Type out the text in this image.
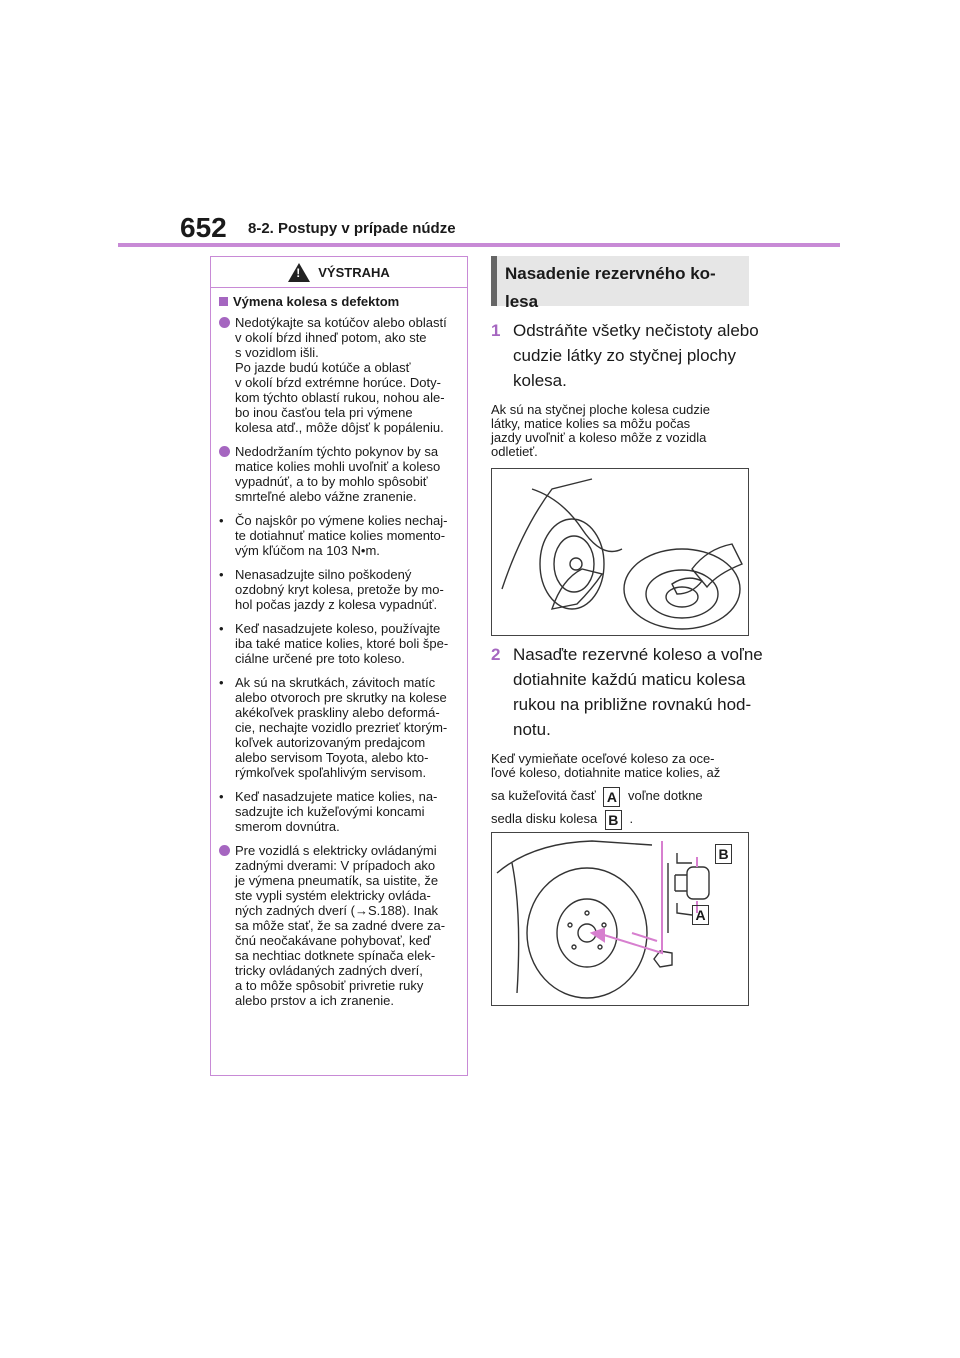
652 8-2. Postupy v prípade núdze
!
VÝSTRAHA
Výmena kolesa s defektom
Nedotýkajte sa kotúčov alebo oblastí
v okolí bŕzd ihneď potom, ako ste
s vozidlom išli.
Po jazde budú kotúče a oblasť
v okolí bŕzd extrémne horúce. Doty-
kom týchto oblastí rukou, nohou ale-
bo inou časťou tela pri výmene
kolesa atď., môže dôjsť k popáleniu.
Nedodržaním týchto pokynov by sa
matice kolies mohli uvoľniť a koleso
vypadnúť, a to by mohlo spôsobiť
smrteľné alebo vážne zranenie.
• Čo najskôr po výmene kolies nechaj-
te dotiahnuť matice kolies momento-
vým kľúčom na 103 N•m.
• Nenasadzujte silno poškodený
ozdobný kryt kolesa, pretože by mo-
hol počas jazdy z kolesa vypadnúť.
• Keď nasadzujete koleso, používajte
iba také matice kolies, ktoré boli špe-
ciálne určené pre toto koleso.
• Ak sú na skrutkách, závitoch matíc
alebo otvoroch pre skrutky na kolese
akékoľvek praskliny alebo deformá-
cie, nechajte vozidlo prezrieť ktorým-
koľvek autorizovaným predajcom
alebo servisom Toyota, alebo kto-
rýmkoľvek spoľahlivým servisom.
• Keď nasadzujete matice kolies, na-
sadzujte ich kužeľovými koncami
smerom dovnútra.
Pre vozidlá s elektricky ovládanými
zadnými dverami: V prípadoch ako
je výmena pneumatík, sa uistite, že
ste vypli systém elektricky ovláda-
ných zadných dverí (→S.188). Inak
sa môže stať, že sa zadné dvere za-
čnú neočakávane pohybovať, keď
sa nechtiac dotknete spínača elek-
tricky ovládaných zadných dverí,
a to môže spôsobiť privretie ruky
alebo prstov a ich zranenie.
Nasadenie rezervného ko-
lesa
1 Odstráňte všetky nečistoty alebo
cudzie látky zo styčnej plochy
kolesa.
Ak sú na styčnej ploche kolesa cudzie
látky, matice kolies sa môžu počas
jazdy uvoľniť a koleso môže z vozidla
odletieť.
2 Nasaďte rezervné koleso a voľne
dotiahnite každú maticu kolesa
rukou na približne rovnakú hod-
notu.
Keď vymieňate oceľové koleso za oce-
ľové koleso, dotiahnite matice kolies, až
sa kužeľovitá časť A voľne dotkne
sedla disku kolesa B .
B
A
